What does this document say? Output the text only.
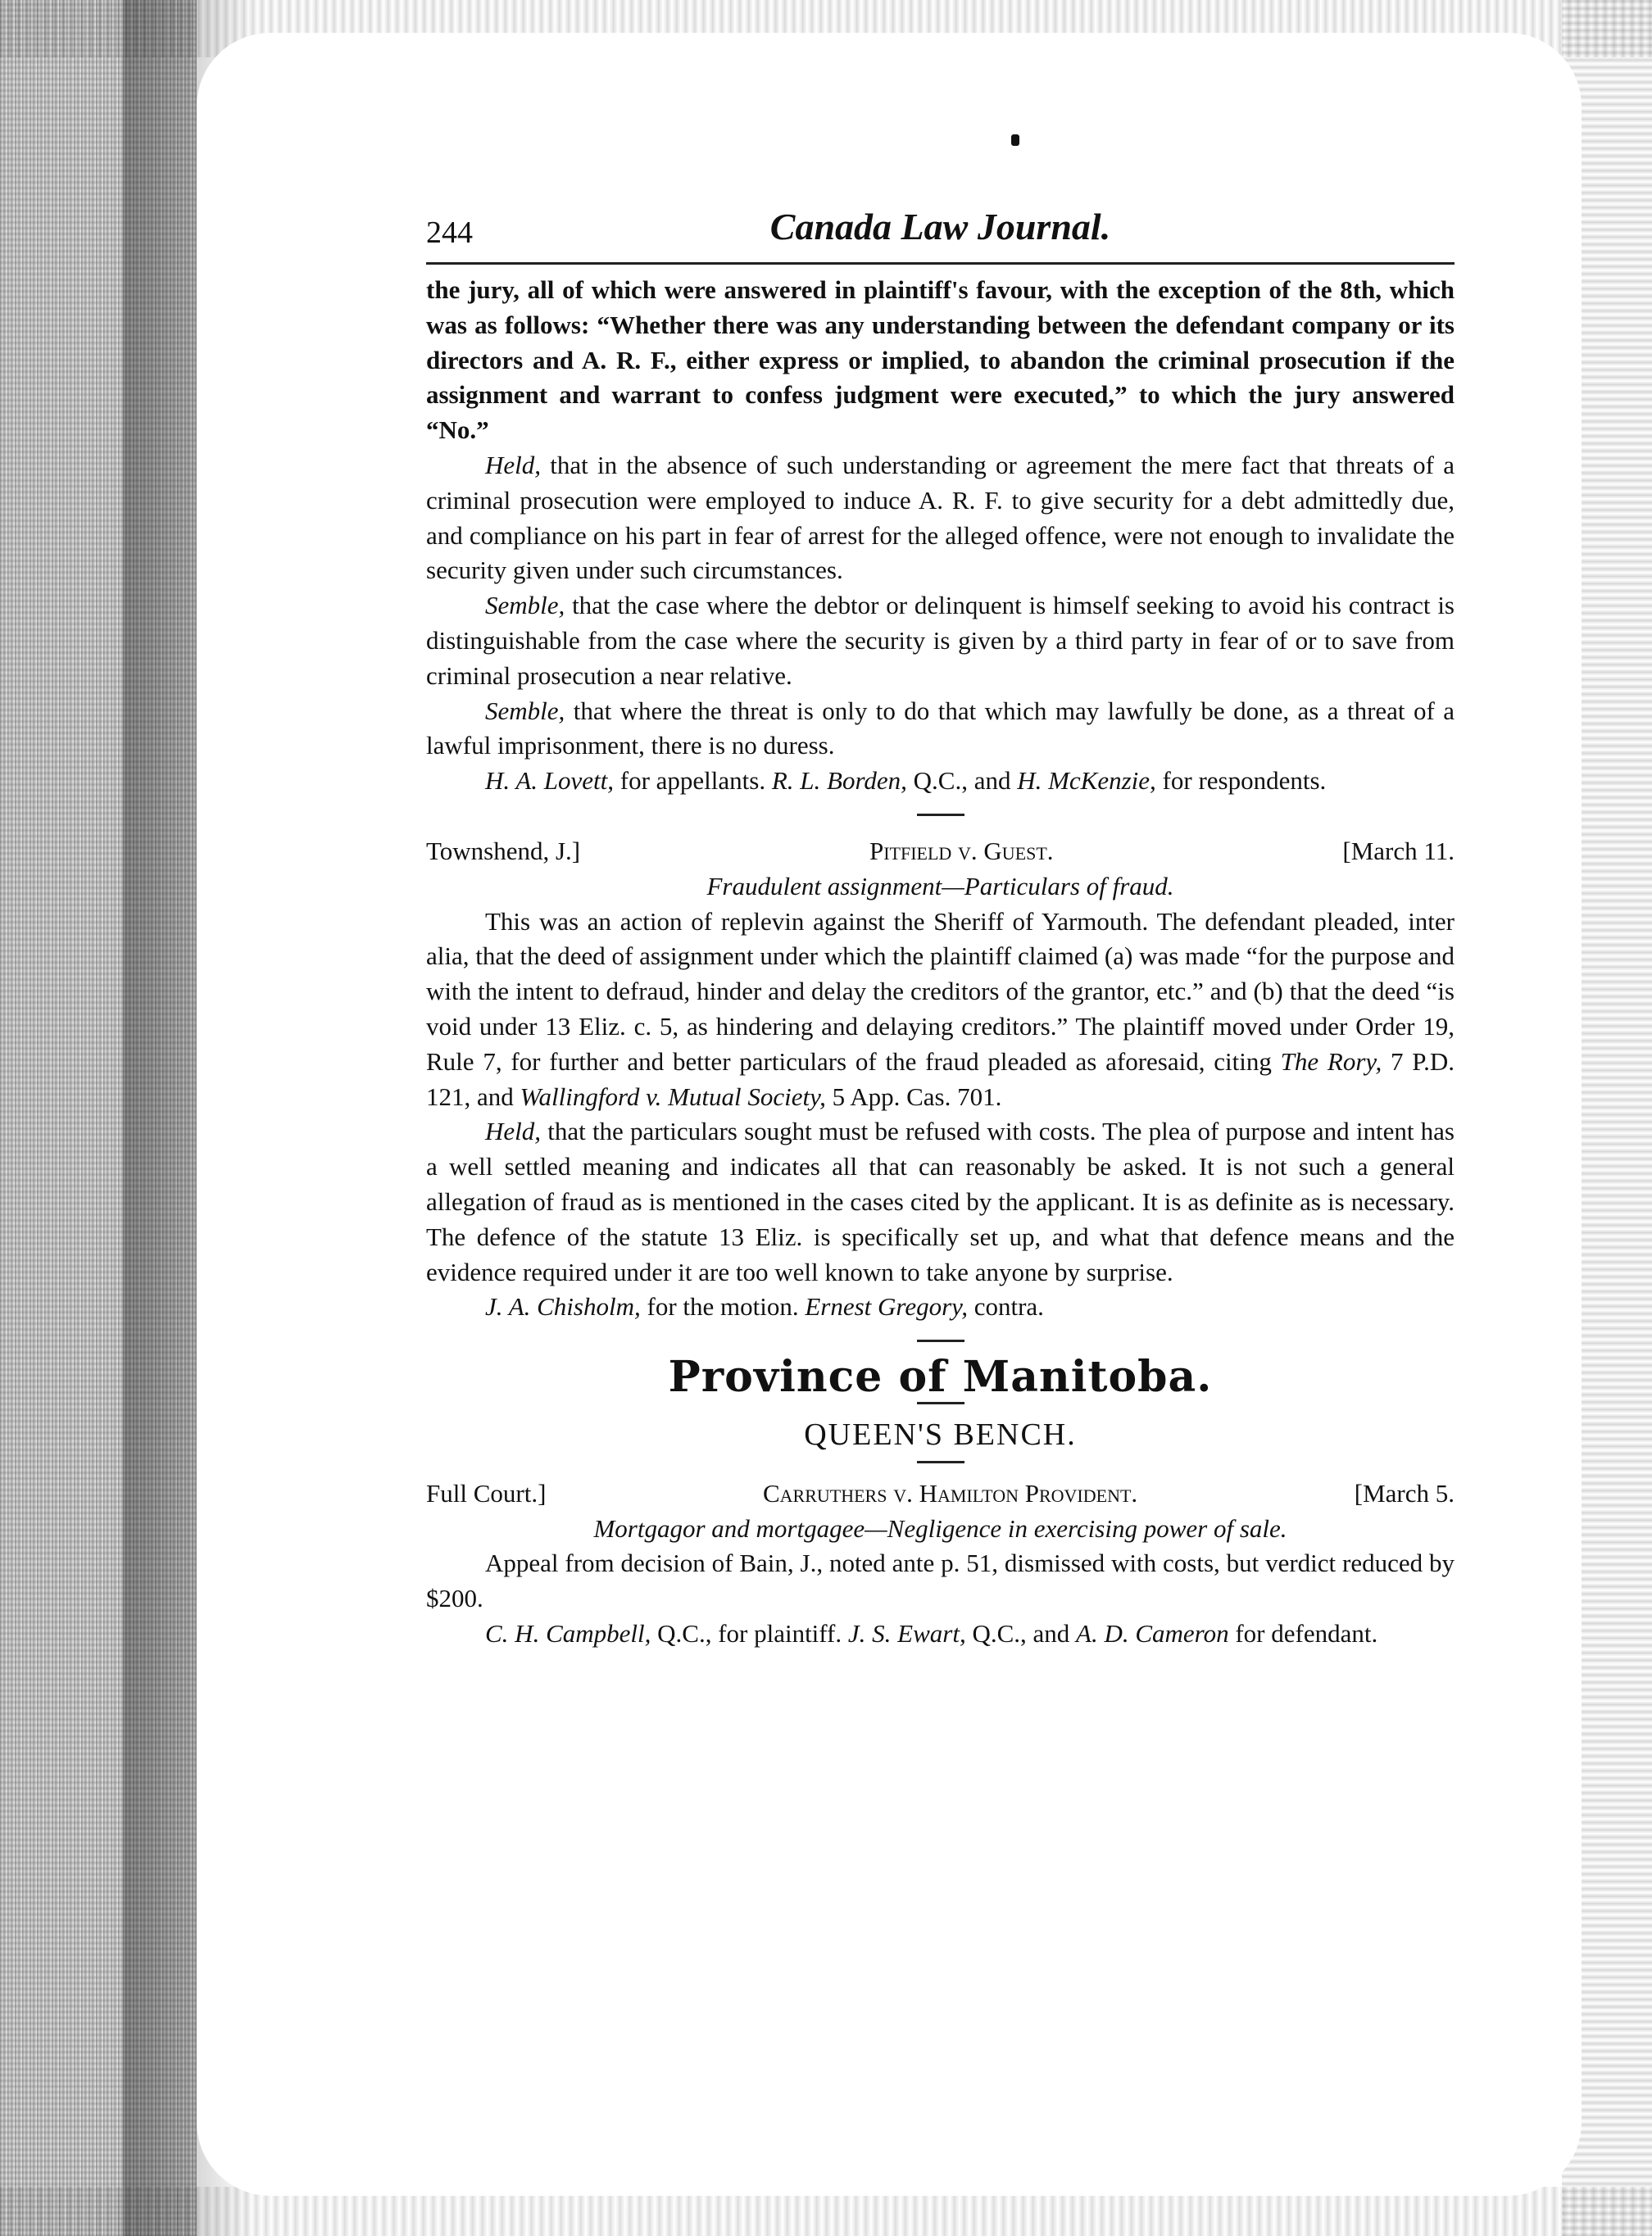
244	Canada Law Journal.

the jury, all of which were answered in plaintiff's favour, with the exception of the 8th, which was as follows: “Whether there was any understanding between the defendant company or its directors and A. R. F., either express or implied, to abandon the criminal prosecution if the assignment and warrant to confess judgment were executed,” to which the jury answered “No.”

Held, that in the absence of such understanding or agreement the mere fact that threats of a criminal prosecution were employed to induce A. R. F. to give security for a debt admittedly due, and compliance on his part in fear of arrest for the alleged offence, were not enough to invalidate the security given under such circumstances.

Semble, that the case where the debtor or delinquent is himself seeking to avoid his contract is distinguishable from the case where the security is given by a third party in fear of or to save from criminal prosecution a near relative.

Semble, that where the threat is only to do that which may lawfully be done, as a threat of a lawful imprisonment, there is no duress.

H. A. Lovett, for appellants. R. L. Borden, Q.C., and H. McKenzie, for respondents.

Townshend, J.]	Pitfield v. Guest.	[March 11.

Fraudulent assignment—Particulars of fraud.

This was an action of replevin against the Sheriff of Yarmouth. The defendant pleaded, inter alia, that the deed of assignment under which the plaintiff claimed (a) was made “for the purpose and with the intent to defraud, hinder and delay the creditors of the grantor, etc.” and (b) that the deed “is void under 13 Eliz. c. 5, as hindering and delaying creditors.” The plaintiff moved under Order 19, Rule 7, for further and better particulars of the fraud pleaded as aforesaid, citing The Rory, 7 P.D. 121, and Wallingford v. Mutual Society, 5 App. Cas. 701.

Held, that the particulars sought must be refused with costs. The plea of purpose and intent has a well settled meaning and indicates all that can reasonably be asked. It is not such a general allegation of fraud as is mentioned in the cases cited by the applicant. It is as definite as is necessary. The defence of the statute 13 Eliz. is specifically set up, and what that defence means and the evidence required under it are too well known to take anyone by surprise.

J. A. Chisholm, for the motion. Ernest Gregory, contra.

Province of Manitoba.
QUEEN'S BENCH.
Full Court.]	Carruthers v. Hamilton Provident.	[March 5.

Mortgagor and mortgagee—Negligence in exercising power of sale.

Appeal from decision of Bain, J., noted ante p. 51, dismissed with costs, but verdict reduced by $200.

C. H. Campbell, Q.C., for plaintiff. J. S. Ewart, Q.C., and A. D. Cameron for defendant.
